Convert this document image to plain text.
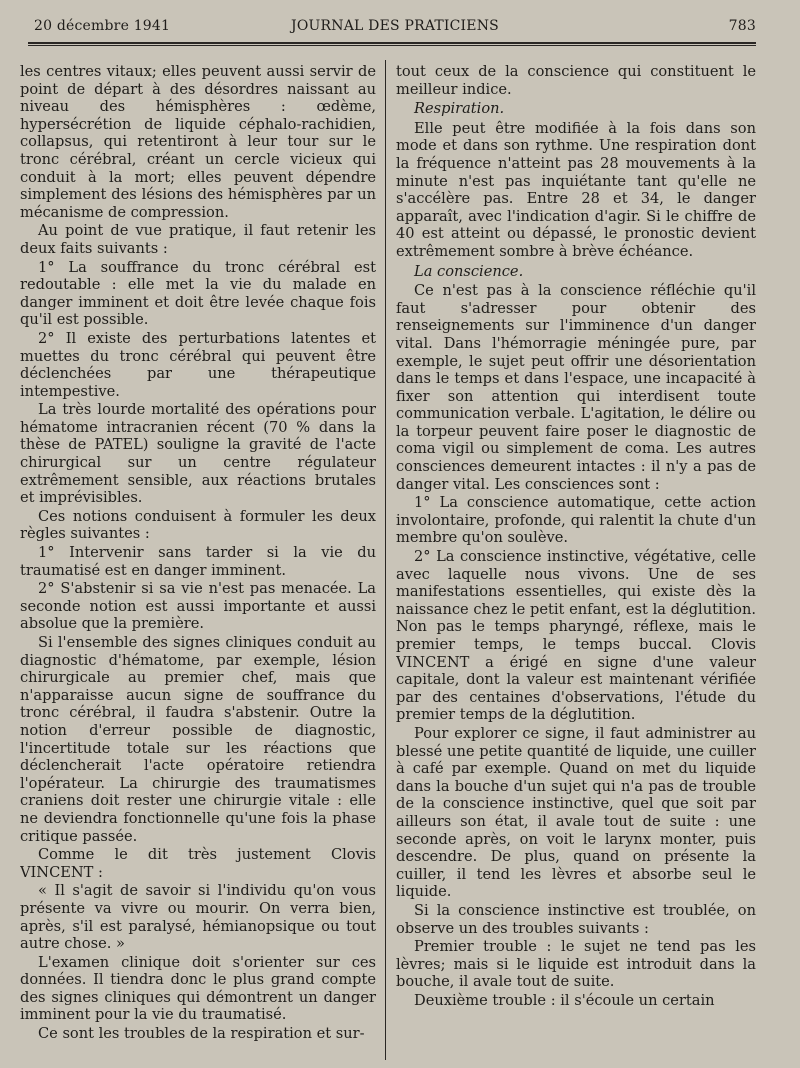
20 décembre 1941	JOURNAL DES PRATICIENS	783

les centres vitaux; elles peuvent aussi servir de point de départ à des désordres naissant au niveau des hémisphères : œdème, hypersécrétion de liquide céphalo-rachidien, collapsus, qui retentiront à leur tour sur le tronc cérébral, créant un cercle vicieux qui conduit à la mort; elles peuvent dépendre simplement des lésions des hémisphères par un mécanisme de compression.

Au point de vue pratique, il faut retenir les deux faits suivants :

1° La souffrance du tronc cérébral est redoutable : elle met la vie du malade en danger imminent et doit être levée chaque fois qu'il est possible.

2° Il existe des perturbations latentes et muettes du tronc cérébral qui peuvent être déclenchées par une thérapeutique intempestive.

La très lourde mortalité des opérations pour hématome intracranien récent (70 % dans la thèse de PATEL) souligne la gravité de l'acte chirurgical sur un centre régulateur extrêmement sensible, aux réactions brutales et imprévisibles.

Ces notions conduisent à formuler les deux règles suivantes :

1° Intervenir sans tarder si la vie du traumatisé est en danger imminent.

2° S'abstenir si sa vie n'est pas menacée. La seconde notion est aussi importante et aussi absolue que la première.

Si l'ensemble des signes cliniques conduit au diagnostic d'hématome, par exemple, lésion chirurgicale au premier chef, mais que n'apparaisse aucun signe de souffrance du tronc cérébral, il faudra s'abstenir. Outre la notion d'erreur possible de diagnostic, l'incertitude totale sur les réactions que déclencherait l'acte opératoire retiendra l'opérateur. La chirurgie des traumatismes craniens doit rester une chirurgie vitale : elle ne deviendra fonctionnelle qu'une fois la phase critique passée.

Comme le dit très justement Clovis VINCENT :

« Il s'agit de savoir si l'individu qu'on vous présente va vivre ou mourir. On verra bien, après, s'il est paralysé, hémianopsique ou tout autre chose. »

L'examen clinique doit s'orienter sur ces données. Il tiendra donc le plus grand compte des signes cliniques qui démontrent un danger imminent pour la vie du traumatisé.

Ce sont les troubles de la respiration et sur-

tout ceux de la conscience qui constituent le meilleur indice.

Respiration.

Elle peut être modifiée à la fois dans son mode et dans son rythme. Une respiration dont la fréquence n'atteint pas 28 mouvements à la minute n'est pas inquiétante tant qu'elle ne s'accélère pas. Entre 28 et 34, le danger apparaît, avec l'indication d'agir. Si le chiffre de 40 est atteint ou dépassé, le pronostic devient extrêmement sombre à brève échéance.

La conscience.

Ce n'est pas à la conscience réfléchie qu'il faut s'adresser pour obtenir des renseignements sur l'imminence d'un danger vital. Dans l'hémorragie méningée pure, par exemple, le sujet peut offrir une désorientation dans le temps et dans l'espace, une incapacité à fixer son attention qui interdisent toute communication verbale. L'agitation, le délire ou la torpeur peuvent faire poser le diagnostic de coma vigil ou simplement de coma. Les autres consciences demeurent intactes : il n'y a pas de danger vital. Les consciences sont :

1° La conscience automatique, cette action involontaire, profonde, qui ralentit la chute d'un membre qu'on soulève.

2° La conscience instinctive, végétative, celle avec laquelle nous vivons. Une de ses manifestations essentielles, qui existe dès la naissance chez le petit enfant, est la déglutition. Non pas le temps pharyngé, réflexe, mais le premier temps, le temps buccal. Clovis VINCENT a érigé en signe d'une valeur capitale, dont la valeur est maintenant vérifiée par des centaines d'observations, l'étude du premier temps de la déglutition.

Pour explorer ce signe, il faut administrer au blessé une petite quantité de liquide, une cuiller à café par exemple. Quand on met du liquide dans la bouche d'un sujet qui n'a pas de trouble de la conscience instinctive, quel que soit par ailleurs son état, il avale tout de suite : une seconde après, on voit le larynx monter, puis descendre. De plus, quand on présente la cuiller, il tend les lèvres et absorbe seul le liquide.

Si la conscience instinctive est troublée, on observe un des troubles suivants :

Premier trouble : le sujet ne tend pas les lèvres; mais si le liquide est introduit dans la bouche, il avale tout de suite.

Deuxième trouble : il s'écoule un certain
